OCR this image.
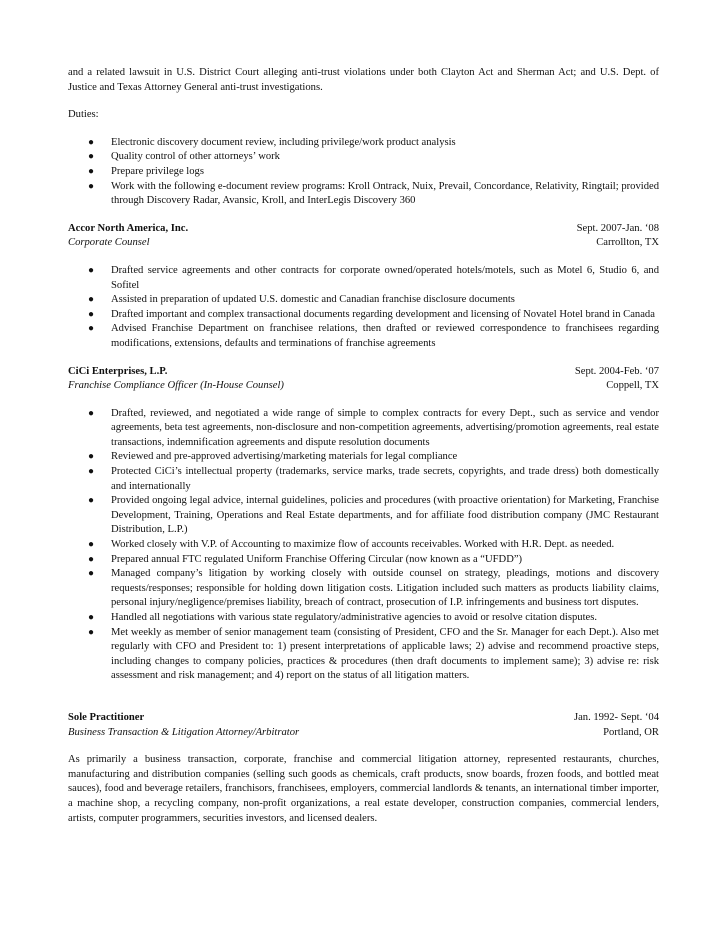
and a related lawsuit in U.S. District Court alleging anti-trust violations under both Clayton Act and Sherman Act; and U.S. Dept. of Justice and Texas Attorney General anti-trust investigations.

Duties:

● Electronic discovery document review, including privilege/work product analysis
● Quality control of other attorneys’ work
● Prepare privilege logs
● Work with the following e-document review programs: Kroll Ontrack, Nuix, Prevail, Concordance, Relativity, Ringtail; provided through Discovery Radar, Avansic, Kroll, and InterLegis Discovery 360
Accor North America, Inc.	Sept. 2007-Jan. ‘08
Corporate Counsel	Carrollton, TX
● Drafted service agreements and other contracts for corporate owned/operated hotels/motels, such as Motel 6, Studio 6, and Sofitel
● Assisted in preparation of updated U.S. domestic and Canadian franchise disclosure documents
● Drafted important and complex transactional documents regarding development and licensing of Novatel Hotel brand in Canada
● Advised Franchise Department on franchisee relations, then drafted or reviewed correspondence to franchisees regarding modifications, extensions, defaults and terminations of franchise agreements
CiCi Enterprises, L.P.	Sept. 2004-Feb. ‘07
Franchise Compliance Officer (In-House Counsel)	Coppell, TX
● Drafted, reviewed, and negotiated a wide range of simple to complex contracts for every Dept., such as service and vendor agreements, beta test agreements, non-disclosure and non-competition agreements, advertising/promotion agreements, real estate transactions, indemnification agreements and dispute resolution documents
● Reviewed and pre-approved advertising/marketing materials for legal compliance
● Protected CiCi’s intellectual property (trademarks, service marks, trade secrets, copyrights, and trade dress) both domestically and internationally
● Provided ongoing legal advice, internal guidelines, policies and procedures (with proactive orientation) for Marketing, Franchise Development, Training, Operations and Real Estate departments, and for affiliate food distribution company (JMC Restaurant Distribution, L.P.)
● Worked closely with V.P. of Accounting to maximize flow of accounts receivables. Worked with H.R. Dept. as needed.
● Prepared annual FTC regulated Uniform Franchise Offering Circular (now known as a “UFDD”)
● Managed company’s litigation by working closely with outside counsel on strategy, pleadings, motions and discovery requests/responses; responsible for holding down litigation costs. Litigation included such matters as products liability claims, personal injury/negligence/premises liability, breach of contract, prosecution of I.P. infringements and business tort disputes.
● Handled all negotiations with various state regulatory/administrative agencies to avoid or resolve citation disputes.
● Met weekly as member of senior management team (consisting of President, CFO and the Sr. Manager for each Dept.). Also met regularly with CFO and President to: 1) present interpretations of applicable laws; 2) advise and recommend proactive steps, including changes to company policies, practices & procedures (then draft documents to implement same); 3) advise re: risk assessment and risk management; and 4) report on the status of all litigation matters.
Sole Practitioner	Jan. 1992- Sept. ‘04
Business Transaction & Litigation Attorney/Arbitrator	Portland, OR

As primarily a business transaction, corporate, franchise and commercial litigation attorney, represented restaurants, churches, manufacturing and distribution companies (selling such goods as chemicals, craft products, snow boards, frozen foods, and bottled meat sauces), food and beverage retailers, franchisors, franchisees, employers, commercial landlords & tenants, an international timber importer, a machine shop, a recycling company, non-profit organizations, a real estate developer, construction companies, commercial lenders, artists, computer programmers, securities investors, and licensed dealers.
